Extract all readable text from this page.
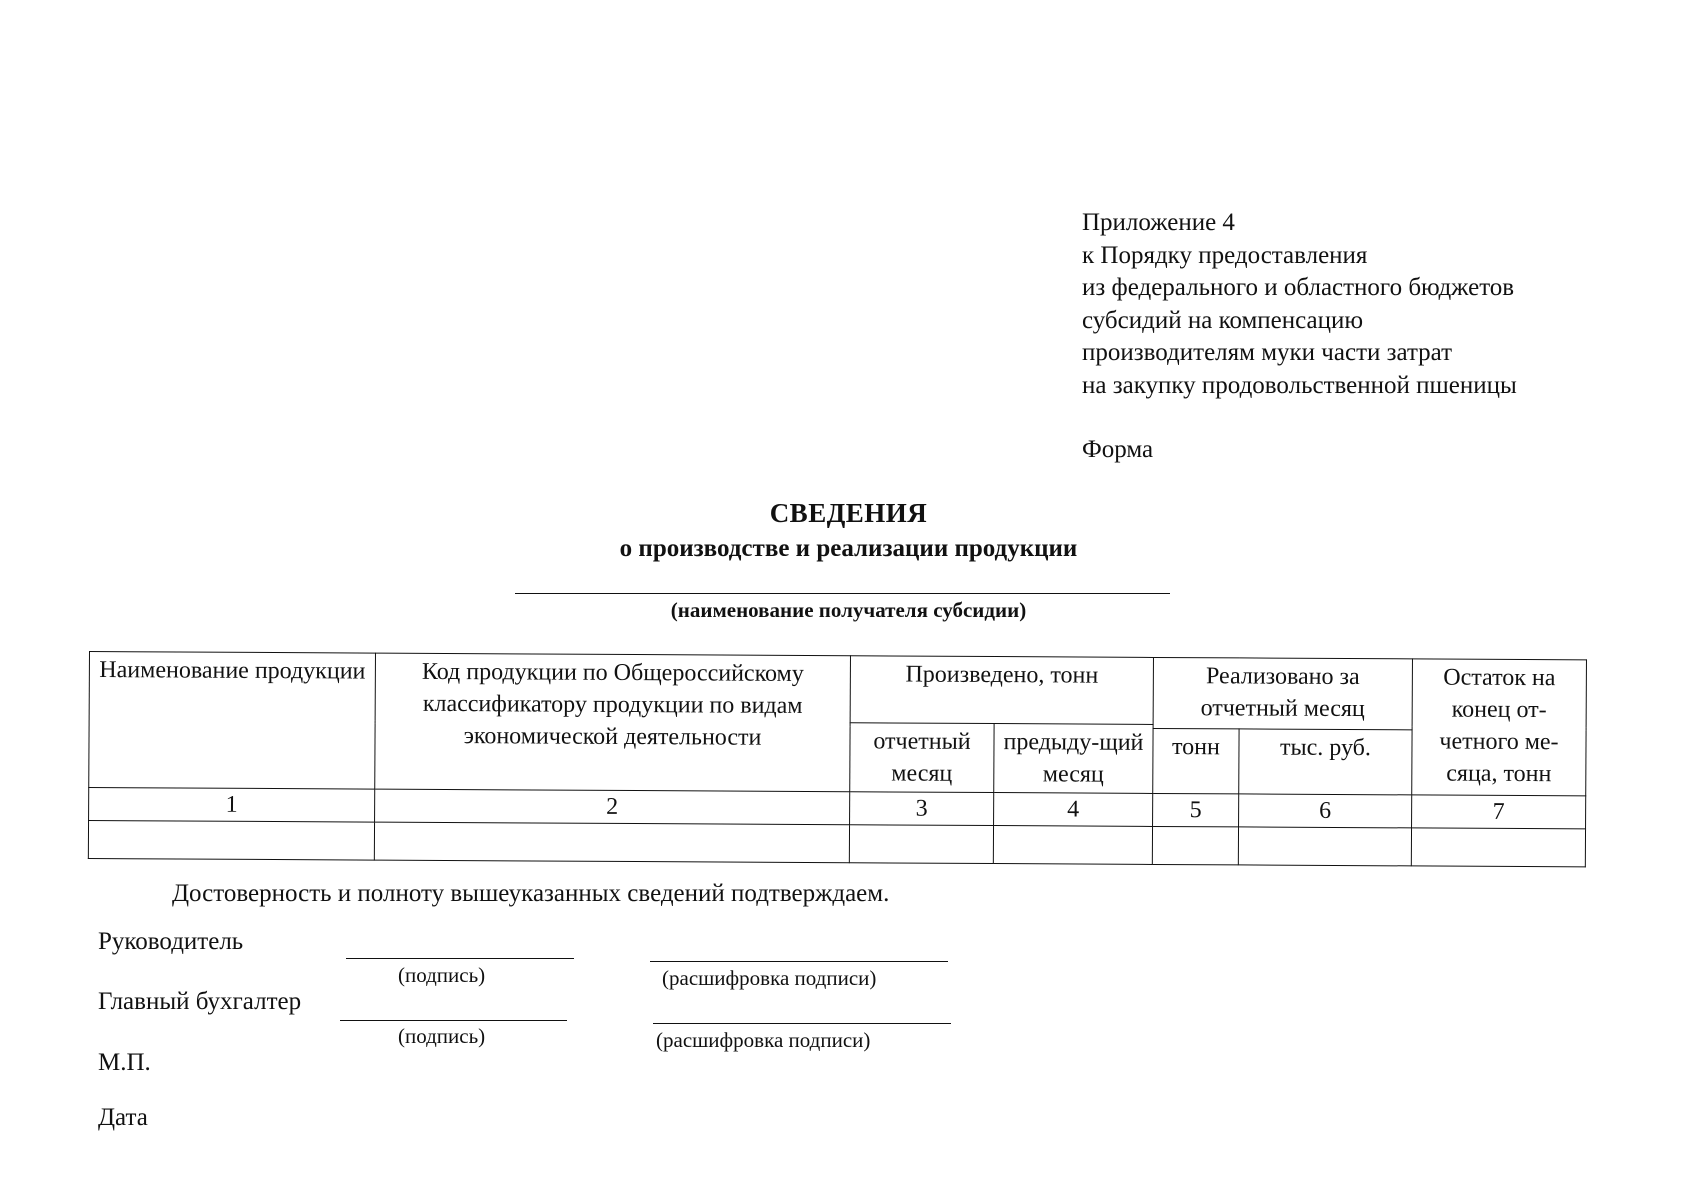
Приложение 4
к Порядку предоставления
из федерального и областного бюджетов
субсидий на компенсацию
производителям муки части затрат
на закупку продовольственной пшеницы
Форма
СВЕДЕНИЯ
о производстве и реализации продукции
(наименование получателя субсидии)
Наименование продукции	Код продукции по Общероссийскому классификатору продукции по видам экономической деятельности	Произведено, тонн		Реализовано за отчетный месяц		Остаток на конец от-четного ме-сяца, тонн
		отчетный месяц	предыду-щий месяц			
				тонн	тыс. руб.	
1	2	3	4	5	6	7

Достоверность и полноту вышеуказанных сведений подтверждаем.
Руководитель
(подпись)	(расшифровка подписи)
Главный бухгалтер
(подпись)	(расшифровка подписи)
М.П.
Дата
